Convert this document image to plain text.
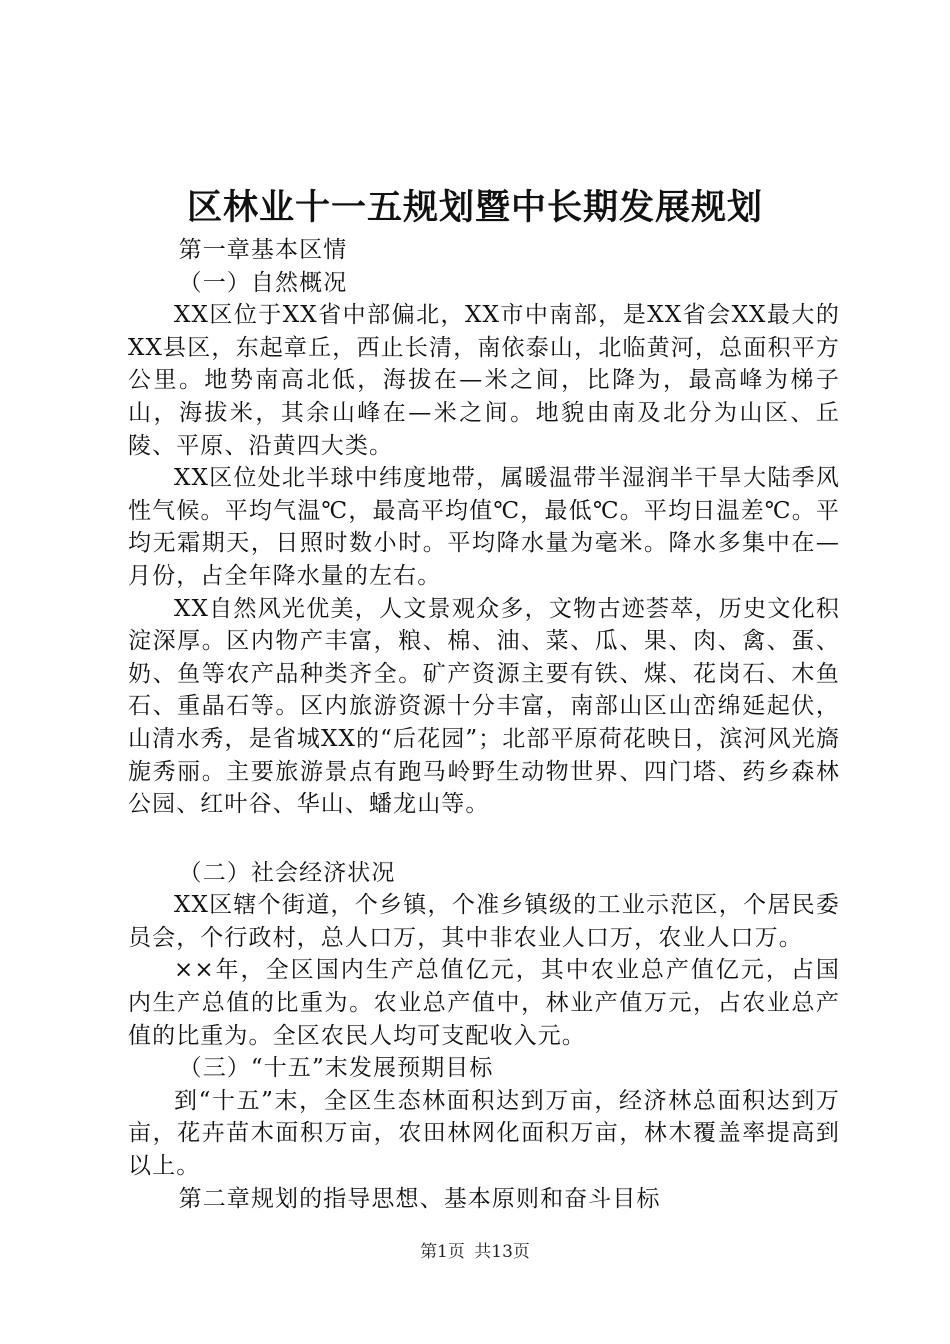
区林业十一五规划暨中长期发展规划

第一章基本区情

（一）自然概况

XX区位于XX省中部偏北，XX市中南部，是XX省会XX最大的XX县区，东起章丘，西止长清，南依泰山，北临黄河，总面积平方公里。地势南高北低，海拔在—米之间，比降为，最高峰为梯子山，海拔米，其余山峰在—米之间。地貌由南及北分为山区、丘陵、平原、沿黄四大类。

XX区位处北半球中纬度地带，属暖温带半湿润半干旱大陆季风性气候。平均气温℃，最高平均值℃，最低℃。平均日温差℃。平均无霜期天，日照时数小时。平均降水量为毫米。降水多集中在—月份，占全年降水量的左右。

XX自然风光优美，人文景观众多，文物古迹荟萃，历史文化积淀深厚。区内物产丰富，粮、棉、油、菜、瓜、果、肉、禽、蛋、奶、鱼等农产品种类齐全。矿产资源主要有铁、煤、花岗石、木鱼石、重晶石等。区内旅游资源十分丰富，南部山区山峦绵延起伏，山清水秀，是省城XX的“后花园”；北部平原荷花映日，滨河风光旖旎秀丽。主要旅游景点有跑马岭野生动物世界、四门塔、药乡森林公园、红叶谷、华山、蟠龙山等。

（二）社会经济状况

XX区辖个街道，个乡镇，个准乡镇级的工业示范区，个居民委员会，个行政村，总人口万，其中非农业人口万，农业人口万。

××年，全区国内生产总值亿元，其中农业总产值亿元，占国内生产总值的比重为。农业总产值中，林业产值万元，占农业总产值的比重为。全区农民人均可支配收入元。

（三）“十五”末发展预期目标

到“十五”末，全区生态林面积达到万亩，经济林总面积达到万亩，花卉苗木面积万亩，农田林网化面积万亩，林木覆盖率提高到以上。

第二章规划的指导思想、基本原则和奋斗目标

第1页 共13页
